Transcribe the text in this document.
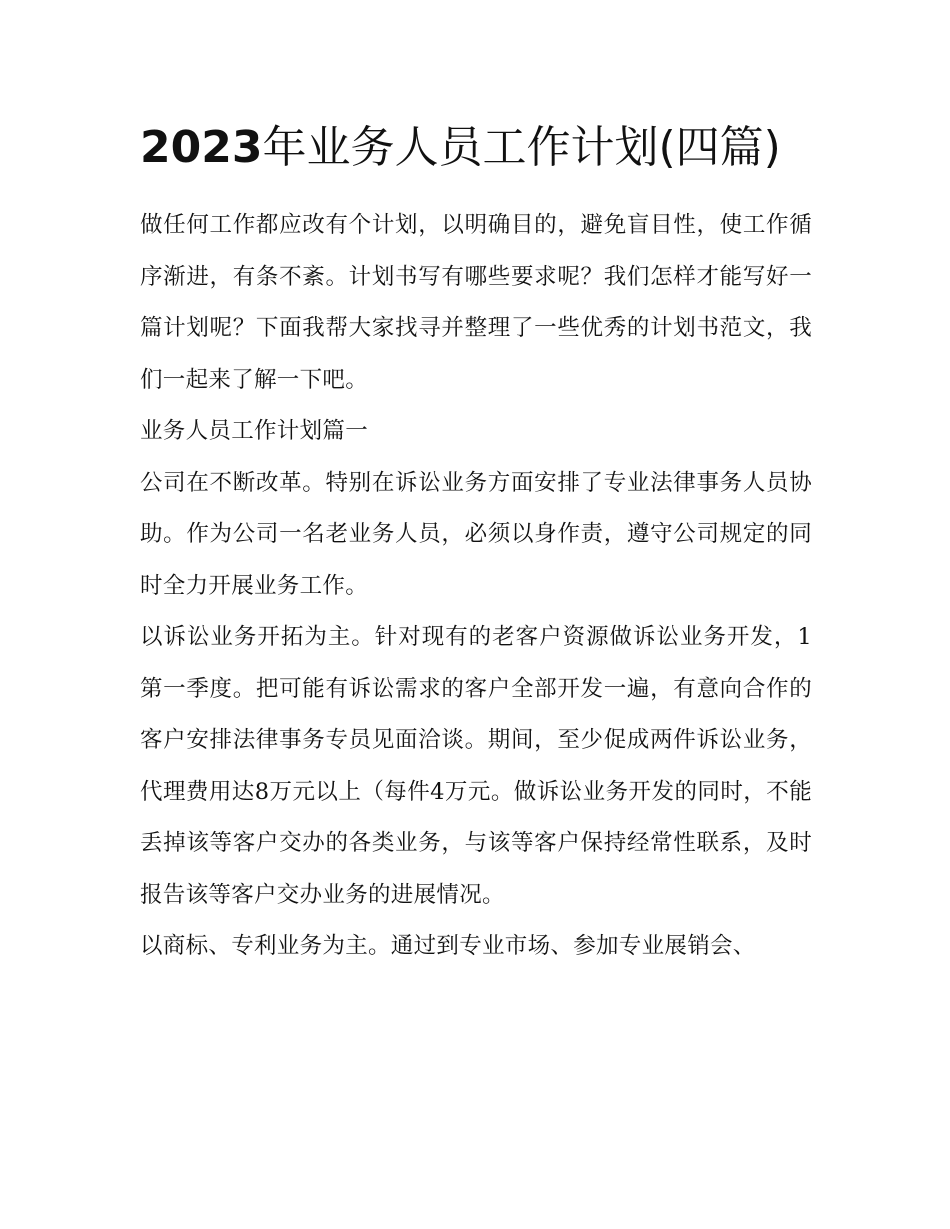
2023年业务人员工作计划(四篇)

做任何工作都应改有个计划，以明确目的，避免盲目性，使工作循序渐进，有条不紊。计划书写有哪些要求呢？我们怎样才能写好一篇计划呢？下面我帮大家找寻并整理了一些优秀的计划书范文，我们一起来了解一下吧。

业务人员工作计划篇一

公司在不断改革。特别在诉讼业务方面安排了专业法律事务人员协助。作为公司一名老业务人员，必须以身作责，遵守公司规定的同时全力开展业务工作。

以诉讼业务开拓为主。针对现有的老客户资源做诉讼业务开发，1第一季度。把可能有诉讼需求的客户全部开发一遍，有意向合作的客户安排法律事务专员见面洽谈。期间，至少促成两件诉讼业务，代理费用达8万元以上（每件4万元。做诉讼业务开发的同时，不能丢掉该等客户交办的各类业务，与该等客户保持经常性联系，及时报告该等客户交办业务的进展情况。

以商标、专利业务为主。通过到专业市场、参加专业展销会、
